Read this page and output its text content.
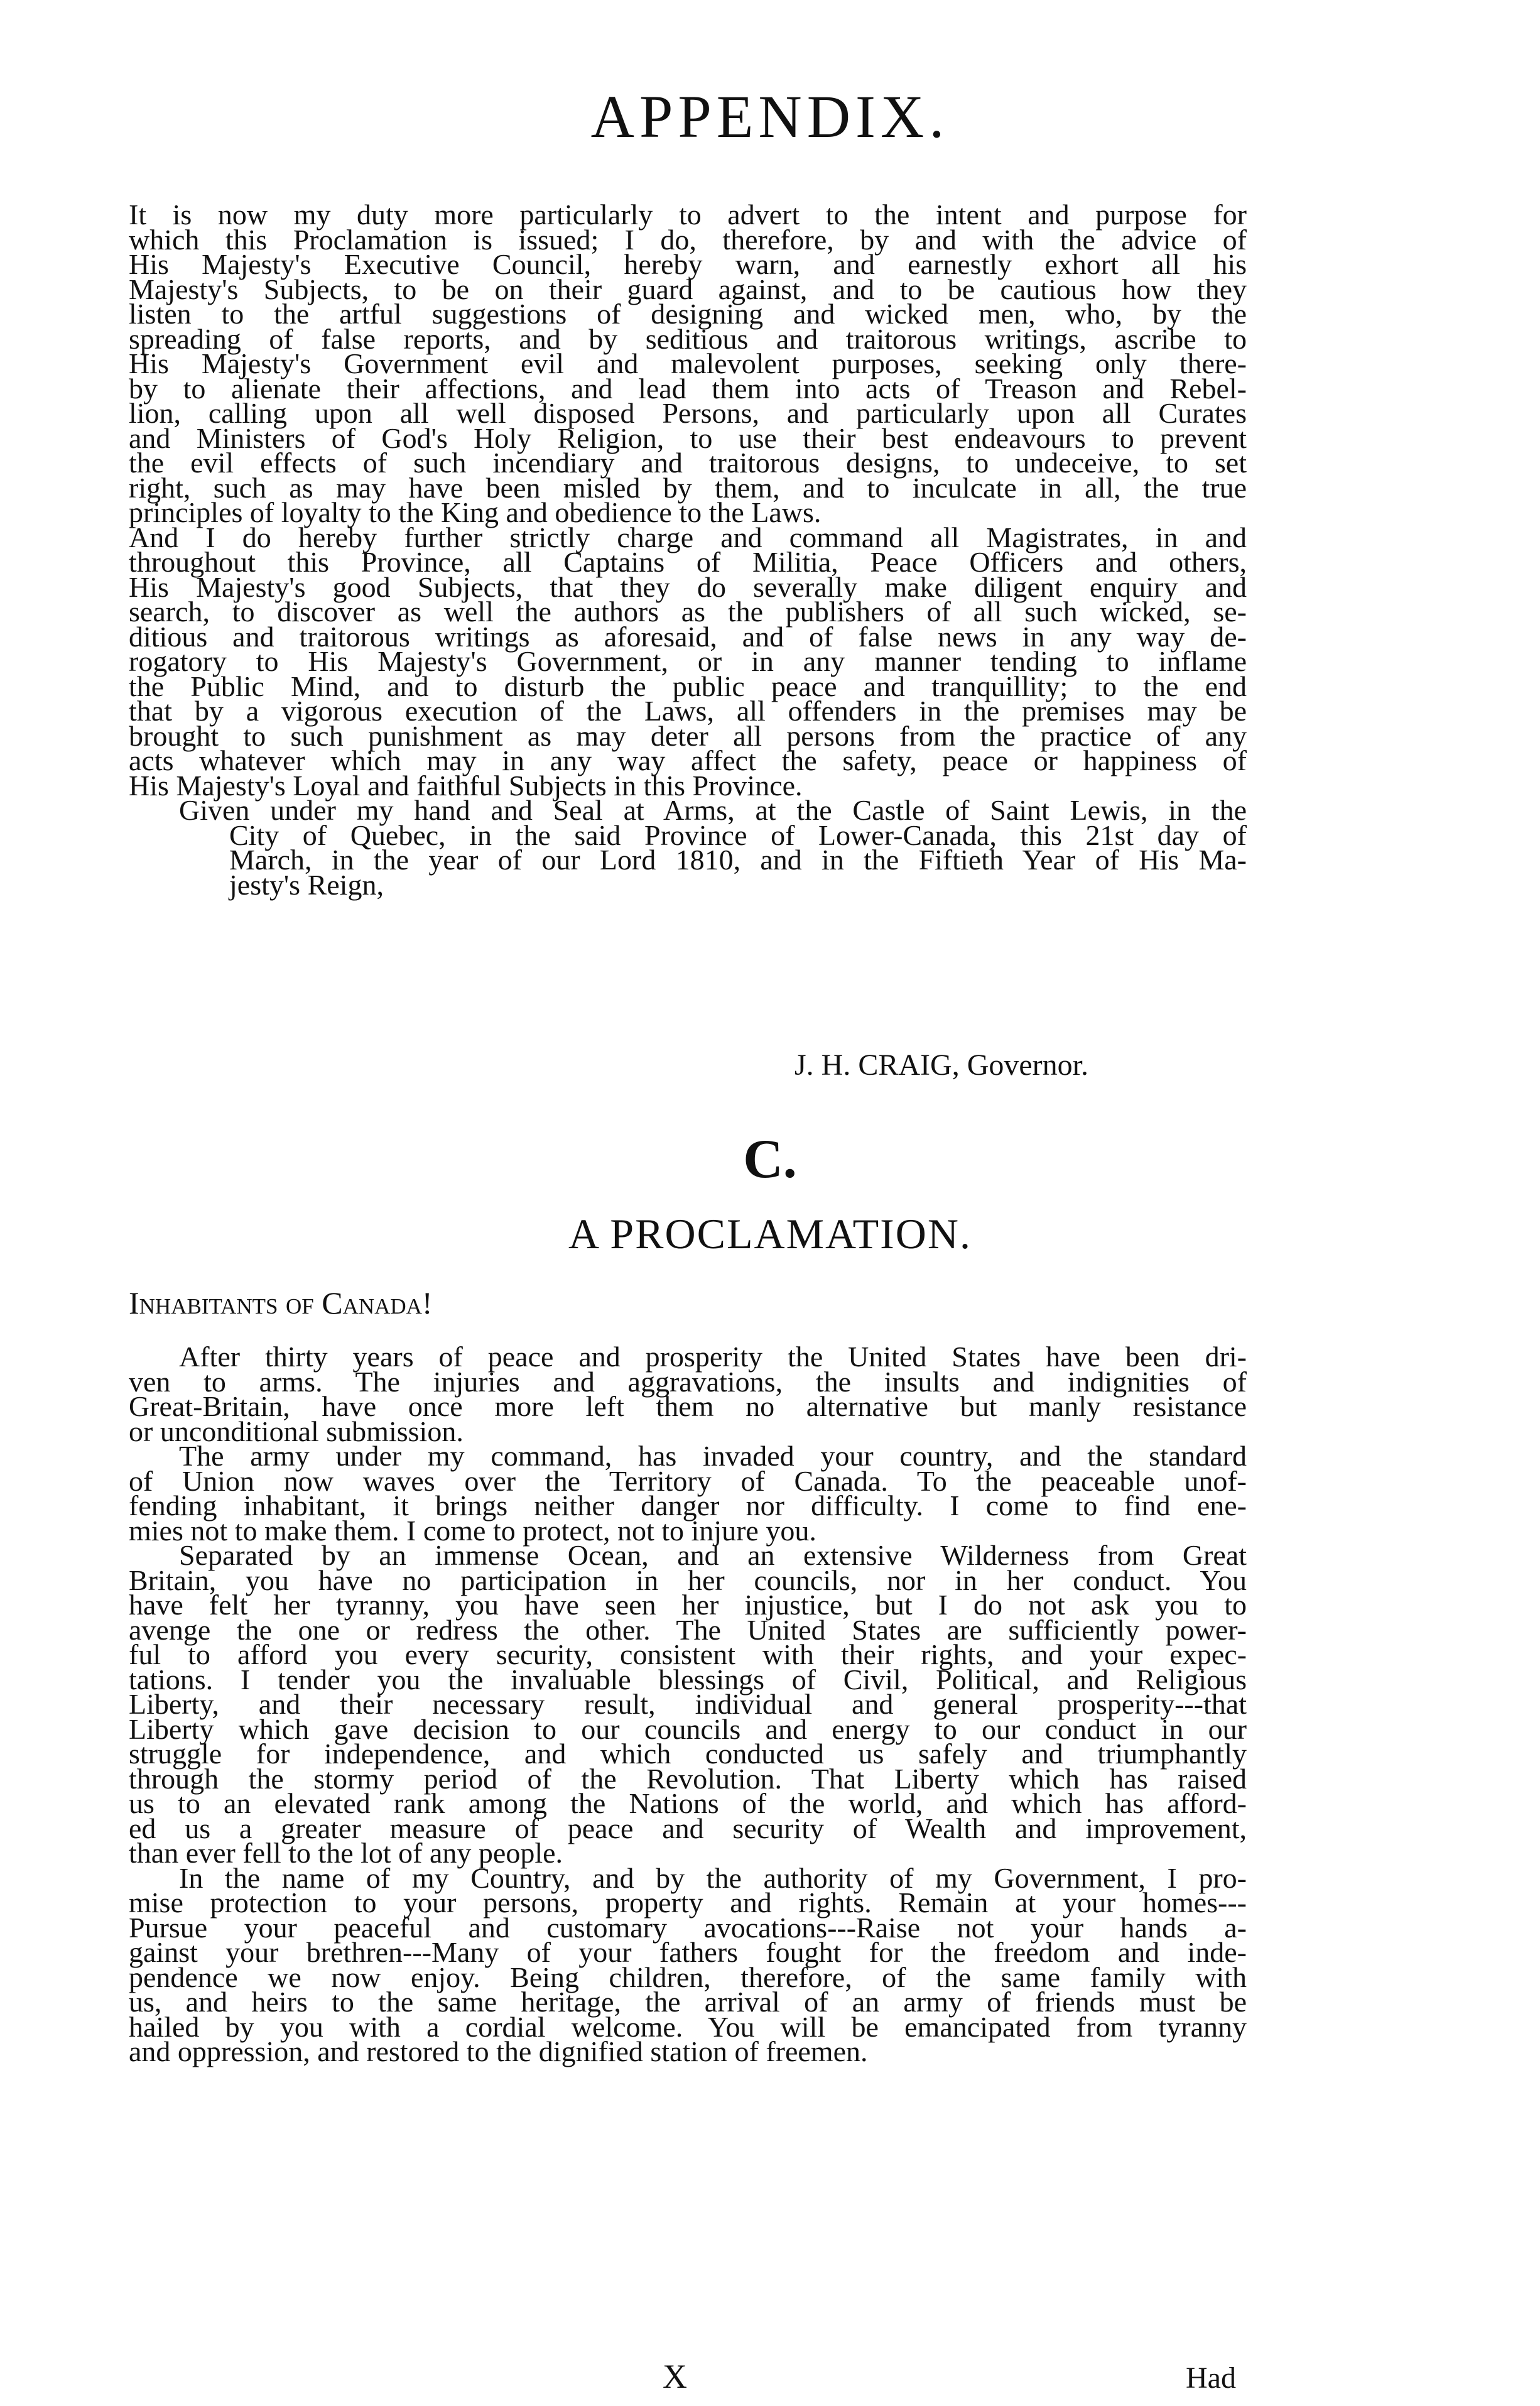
APPENDIX.
It is now my duty more particularly to advert to the intent and purpose for
which this Proclamation is issued; I do, therefore, by and with the advice of
His Majesty's Executive Council, hereby warn, and earnestly exhort all his
Majesty's Subjects, to be on their guard against, and to be cautious how they
listen to the artful suggestions of designing and wicked men, who, by the
spreading of false reports, and by seditious and traitorous writings, ascribe to
His Majesty's Government evil and malevolent purposes, seeking only there-
by to alienate their affections, and lead them into acts of Treason and Rebel-
lion, calling upon all well disposed Persons, and particularly upon all Curates
and Ministers of God's Holy Religion, to use their best endeavours to prevent
the evil effects of such incendiary and traitorous designs, to undeceive, to set
right, such as may have been misled by them, and to inculcate in all, the true
principles of loyalty to the King and obedience to the Laws.
And I do hereby further strictly charge and command all Magistrates, in and
throughout this Province, all Captains of Militia, Peace Officers and others,
His Majesty's good Subjects, that they do severally make diligent enquiry and
search, to discover as well the authors as the publishers of all such wicked, se-
ditious and traitorous writings as aforesaid, and of false news in any way de-
rogatory to His Majesty's Government, or in any manner tending to inflame
the Public Mind, and to disturb the public peace and tranquillity; to the end
that by a vigorous execution of the Laws, all offenders in the premises may be
brought to such punishment as may deter all persons from the practice of any
acts whatever which may in any way affect the safety, peace or happiness of
His Majesty's Loyal and faithful Subjects in this Province.
Given under my hand and Seal at Arms, at the Castle of Saint Lewis, in the
City of Quebec, in the said Province of Lower-Canada, this 21st day of
March, in the year of our Lord 1810, and in the Fiftieth Year of His Ma-
jesty's Reign,
J. H. CRAIG, Governor.
C.
A PROCLAMATION.
Inhabitants of Canada!
After thirty years of peace and prosperity the United States have been dri-
ven to arms. The injuries and aggravations, the insults and indignities of
Great-Britain, have once more left them no alternative but manly resistance
or unconditional submission.
The army under my command, has invaded your country, and the standard
of Union now waves over the Territory of Canada. To the peaceable unof-
fending inhabitant, it brings neither danger nor difficulty. I come to find ene-
mies not to make them. I come to protect, not to injure you.
Separated by an immense Ocean, and an extensive Wilderness from Great
Britain, you have no participation in her councils, nor in her conduct. You
have felt her tyranny, you have seen her injustice, but I do not ask you to
avenge the one or redress the other. The United States are sufficiently power-
ful to afford you every security, consistent with their rights, and your expec-
tations. I tender you the invaluable blessings of Civil, Political, and Religious
Liberty, and their necessary result, individual and general prosperity---that
Liberty which gave decision to our councils and energy to our conduct in our
struggle for independence, and which conducted us safely and triumphantly
through the stormy period of the Revolution. That Liberty which has raised
us to an elevated rank among the Nations of the world, and which has afford-
ed us a greater measure of peace and security of Wealth and improvement,
than ever fell to the lot of any people.
In the name of my Country, and by the authority of my Government, I pro-
mise protection to your persons, property and rights. Remain at your homes---
Pursue your peaceful and customary avocations---Raise not your hands a-
gainst your brethren---Many of your fathers fought for the freedom and inde-
pendence we now enjoy. Being children, therefore, of the same family with
us, and heirs to the same heritage, the arrival of an army of friends must be
hailed by you with a cordial welcome. You will be emancipated from tyranny
and oppression, and restored to the dignified station of freemen.
X	Had
